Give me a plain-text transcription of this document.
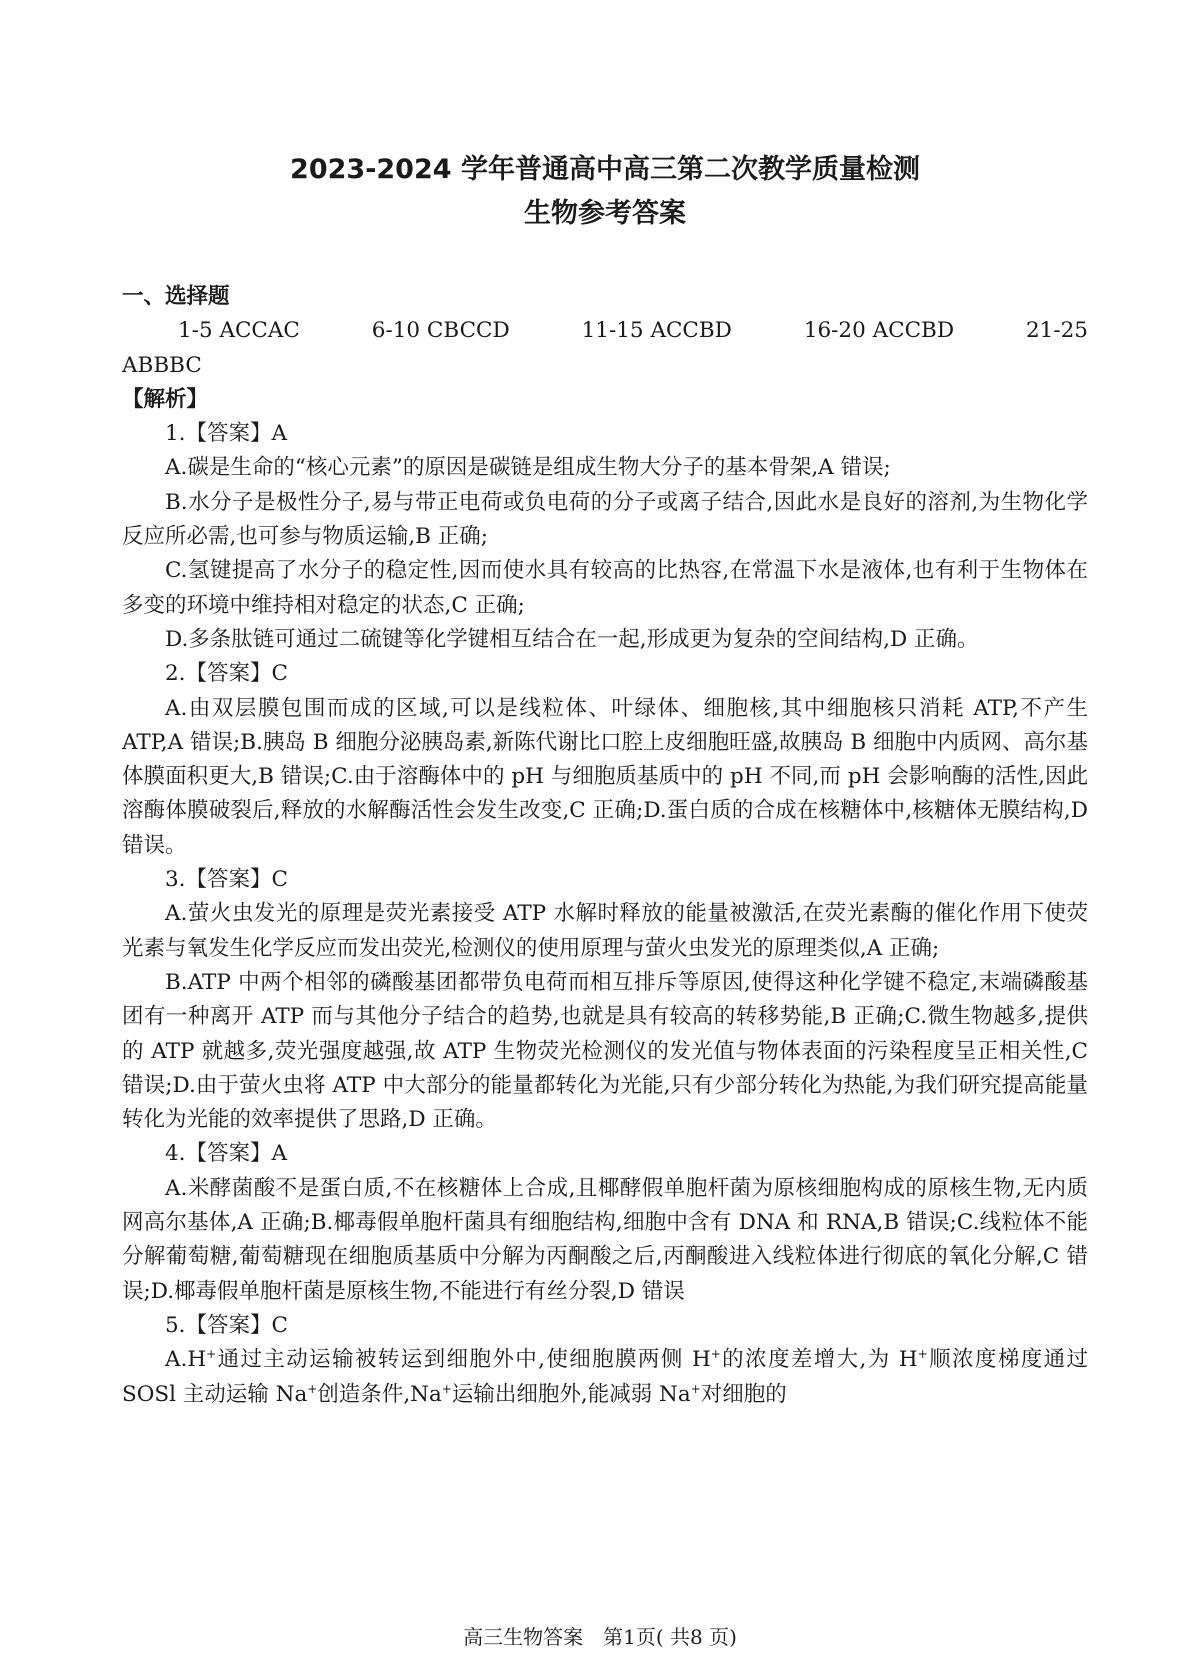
2023-2024 学年普通高中高三第二次教学质量检测

生物参考答案

一、选择题
1-5 ACCAC	6-10 CBCCD	11-15 ACCBD	16-20 ACCBD	21-25
ABBBC
【解析】

1.【答案】A

A.碳是生命的“核心元素”的原因是碳链是组成生物大分子的基本骨架,A 错误;

B.水分子是极性分子,易与带正电荷或负电荷的分子或离子结合,因此水是良好的溶剂,为生物化学反应所必需,也可参与物质运输,B 正确;

C.氢键提高了水分子的稳定性,因而使水具有较高的比热容,在常温下水是液体,也有利于生物体在多变的环境中维持相对稳定的状态,C 正确;

D.多条肽链可通过二硫键等化学键相互结合在一起,形成更为复杂的空间结构,D 正确。

2.【答案】C

A.由双层膜包围而成的区域,可以是线粒体、叶绿体、细胞核,其中细胞核只消耗 ATP,不产生 ATP,A 错误;B.胰岛 B 细胞分泌胰岛素,新陈代谢比口腔上皮细胞旺盛,故胰岛 B 细胞中内质网、高尔基体膜面积更大,B 错误;C.由于溶酶体中的 pH 与细胞质基质中的 pH 不同,而 pH 会影响酶的活性,因此溶酶体膜破裂后,释放的水解酶活性会发生改变,C 正确;D.蛋白质的合成在核糖体中,核糖体无膜结构,D 错误。

3.【答案】C

A.萤火虫发光的原理是荧光素接受 ATP 水解时释放的能量被激活,在荧光素酶的催化作用下使荧光素与氧发生化学反应而发出荧光,检测仪的使用原理与萤火虫发光的原理类似,A 正确;

B.ATP 中两个相邻的磷酸基团都带负电荷而相互排斥等原因,使得这种化学键不稳定,末端磷酸基团有一种离开 ATP 而与其他分子结合的趋势,也就是具有较高的转移势能,B 正确;C.微生物越多,提供的 ATP 就越多,荧光强度越强,故 ATP 生物荧光检测仪的发光值与物体表面的污染程度呈正相关性,C 错误;D.由于萤火虫将 ATP 中大部分的能量都转化为光能,只有少部分转化为热能,为我们研究提高能量转化为光能的效率提供了思路,D 正确。

4.【答案】A

A.米酵菌酸不是蛋白质,不在核糖体上合成,且椰酵假单胞杆菌为原核细胞构成的原核生物,无内质网高尔基体,A 正确;B.椰毒假单胞杆菌具有细胞结构,细胞中含有 DNA 和 RNA,B 错误;C.线粒体不能分解葡萄糖,葡萄糖现在细胞质基质中分解为丙酮酸之后,丙酮酸进入线粒体进行彻底的氧化分解,C 错误;D.椰毒假单胞杆菌是原核生物,不能进行有丝分裂,D 错误

5.【答案】C

A.H+通过主动运输被转运到细胞外中,使细胞膜两侧 H+的浓度差增大,为 H+顺浓度梯度通过 SOSl 主动运输 Na+创造条件,Na+运输出细胞外,能减弱 Na+对细胞的

高三生物答案　第1页( 共8 页)
